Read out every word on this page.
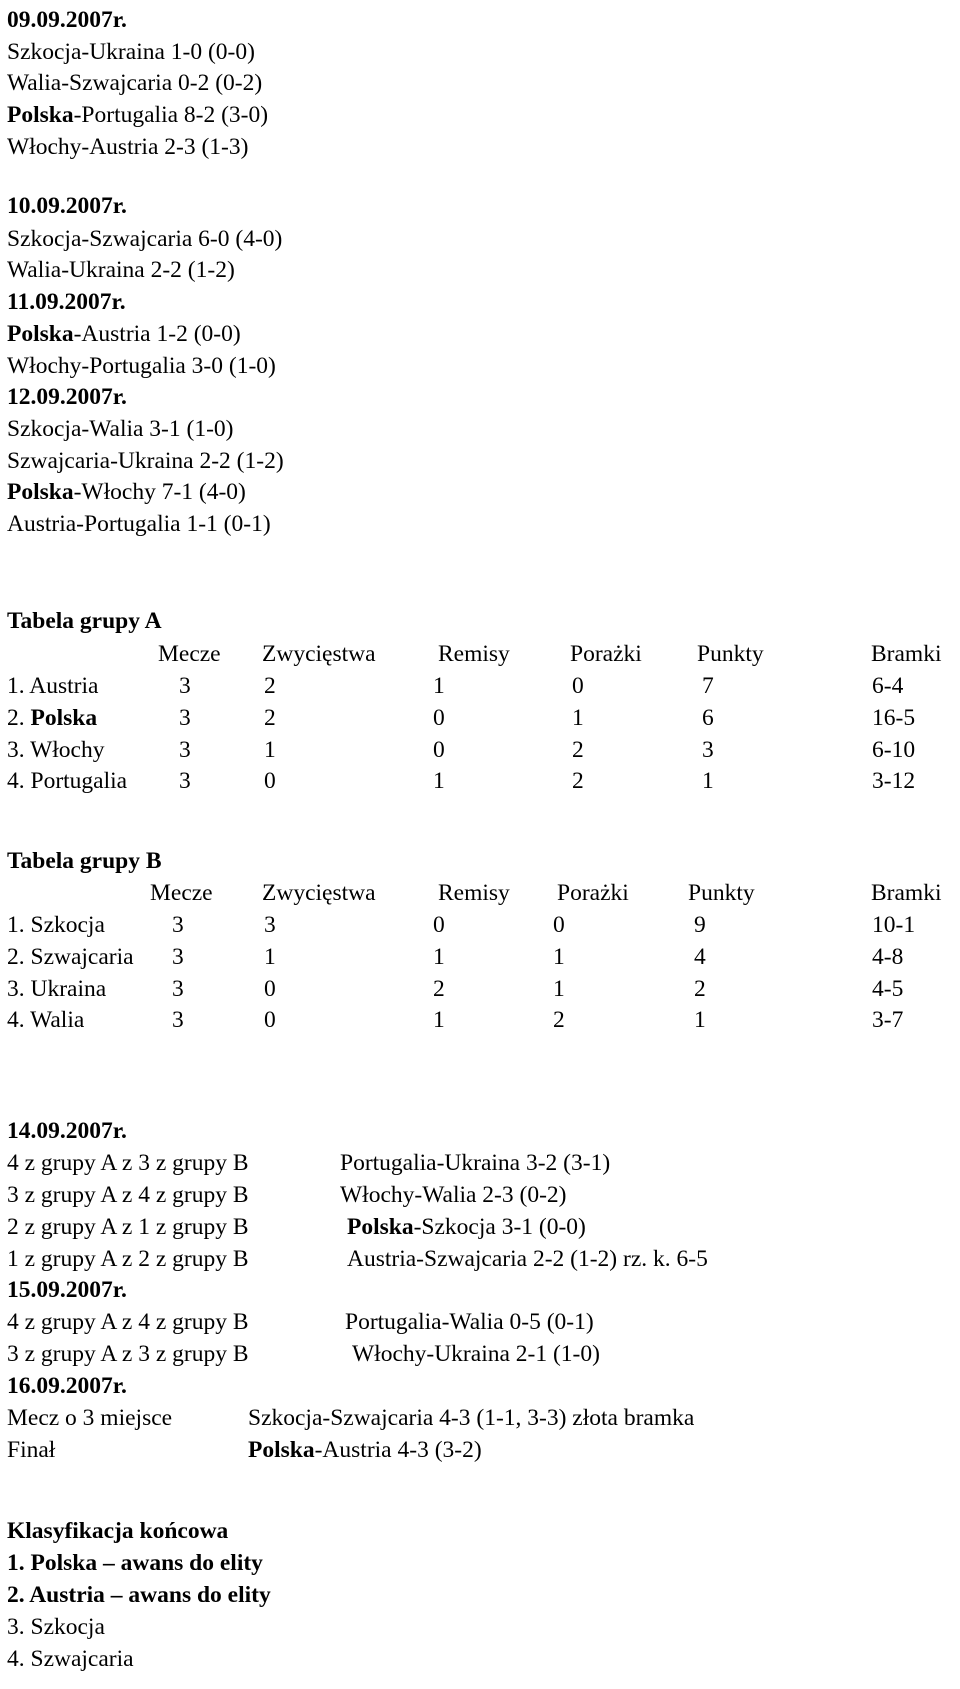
09.09.2007r.
Szkocja-Ukraina 1-0 (0-0)
Walia-Szwajcaria 0-2 (0-2)
Polska-Portugalia 8-2 (3-0)
Włochy-Austria 2-3 (1-3)
10.09.2007r.
Szkocja-Szwajcaria 6-0 (4-0)
Walia-Ukraina 2-2 (1-2)
11.09.2007r.
Polska-Austria 1-2 (0-0)
Włochy-Portugalia 3-0 (1-0)
12.09.2007r.
Szkocja-Walia 3-1 (1-0)
Szwajcaria-Ukraina 2-2 (1-2)
Polska-Włochy 7-1 (4-0)
Austria-Portugalia 1-1 (0-1)
Tabela grupy A
Mecze Zwycięstwa	Remisy	Porażki Punkty	Bramki
1. Austria	3	2	1	0	7	6-4
2. Polska	3	2	0	1	6	16-5
3. Włochy	3	1	0	2	3	6-10
4. Portugalia 3	0	1	2	1	3-12
Tabela grupy B
Mecze Zwycięstwa	Remisy Porażki	Punkty	Bramki
1. Szkocja	3	3	0	0	9	10-1
2. Szwajcaria 3	1	1	1	4	4-8
3. Ukraina	3	0	2	1	2	4-5
4. Walia	3	0	1	2	1	3-7
14.09.2007r.
4 z grupy A z 3 z grupy B	Portugalia-Ukraina 3-2 (3-1)
3 z grupy A z 4 z grupy B	Włochy-Walia 2-3 (0-2)
2 z grupy A z 1 z grupy B	Polska-Szkocja 3-1 (0-0)
1 z grupy A z 2 z grupy B	Austria-Szwajcaria 2-2 (1-2) rz. k. 6-5
15.09.2007r.
4 z grupy A z 4 z grupy B	Portugalia-Walia 0-5 (0-1)
3 z grupy A z 3 z grupy B	Włochy-Ukraina 2-1 (1-0)
16.09.2007r.
Mecz o 3 miejsce	Szkocja-Szwajcaria 4-3 (1-1, 3-3) złota bramka
Finał	Polska-Austria 4-3 (3-2)
Klasyfikacja końcowa
1. Polska – awans do elity
2. Austria – awans do elity
3. Szkocja
4. Szwajcaria
